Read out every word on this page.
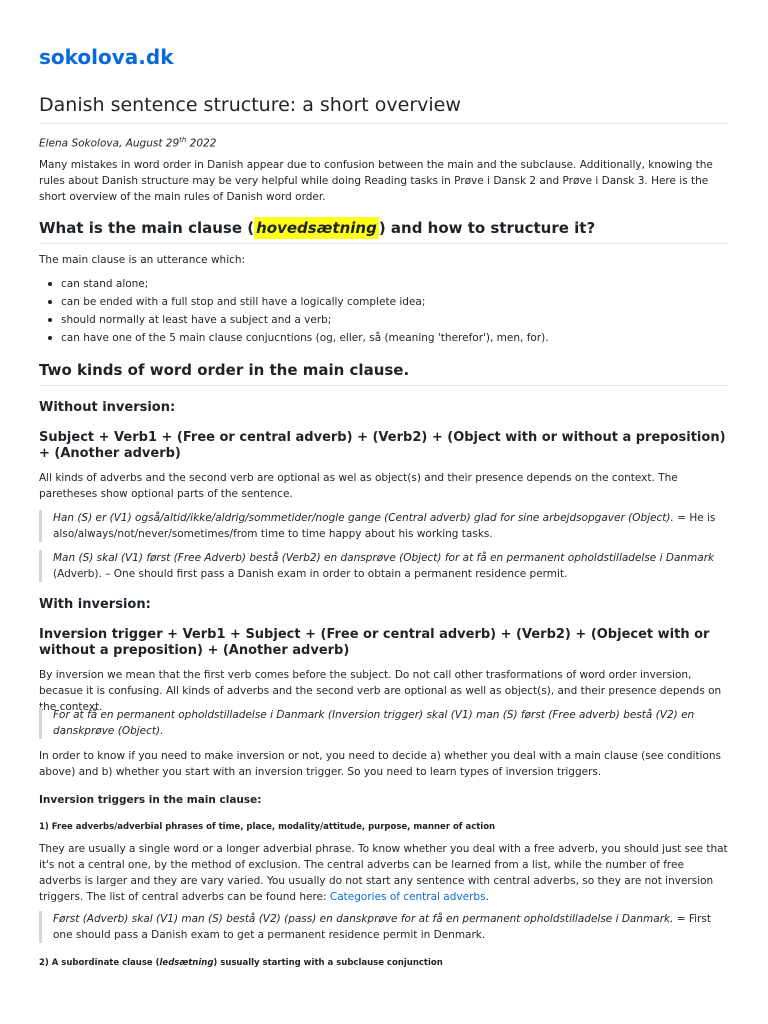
sokolova.dk
Danish sentence structure: a short overview
Elena Sokolova, August 29th 2022

Many mistakes in word order in Danish appear due to confusion between the main and the subclause. Additionally, knowing the rules about Danish structure may be very helpful while doing Reading tasks in Prøve i Dansk 2 and Prøve i Dansk 3. Here is the short overview of the main rules of Danish word order.

What is the main clause ( hovedsætning ) and how to structure it?

The main clause is an utterance which:

can stand alone;
can be ended with a full stop and still have a logically complete idea;
should normally at least have a subject and a verb;
can have one of the 5 main clause conjucntions (og, eller, så (meaning 'therefor'), men, for).
Two kinds of word order in the main clause.
Without inversion:
Subject + Verb1 + (Free or central adverb) + (Verb2) + (Object with or without a preposition) + (Another adverb)

All kinds of adverbs and the second verb are optional as wel as object(s) and their presence depends on the context. The paretheses show optional parts of the sentence.

Han (S) er (V1) også/altid/ikke/aldrig/sommetider/nogle gange (Central adverb) glad for sine arbejdsopgaver (Object). = He is also/always/not/never/sometimes/from time to time happy about his working tasks.
Man (S) skal (V1) først (Free Adverb) bestå (Verb2) en dansprøve (Object) for at få en permanent opholdstilladelse i Danmark (Adverb). – One should first pass a Danish exam in order to obtain a permanent residence permit.
With inversion:
Inversion trigger + Verb1 + Subject + (Free or central adverb) + (Verb2) + (Objecet with or without a preposition) + (Another adverb)

By inversion we mean that the first verb comes before the subject. Do not call other trasformations of word order inversion, becasue it is confusing. All kinds of adverbs and the second verb are optional as well as object(s), and their presence depends on the context.

For at få en permanent opholdstilladelse i Danmark (Inversion trigger) skal (V1) man (S) først (Free adverb) bestå (V2) en danskprøve (Object).

In order to know if you need to make inversion or not, you need to decide a) whether you deal with a main clause (see conditions above) and b) whether you start with an inversion trigger. So you need to learn types of inversion triggers.

Inversion triggers in the main clause:
1) Free adverbs/adverbial phrases of time, place, modality/attitude, purpose, manner of action

They are usually a single word or a longer adverbial phrase. To know whether you deal with a free adverb, you should just see that it's not a central one, by the method of exclusion. The central adverbs can be learned from a list, while the number of free adverbs is larger and they are vary varied. You usually do not start any sentence with central adverbs, so they are not inversion triggers. The list of central adverbs can be found here: Categories of central adverbs.

Først (Adverb) skal (V1) man (S) bestå (V2) (pass) en danskprøve for at få en permanent opholdstilladelse i Danmark. = First one should pass a Danish exam to get a permanent residence permit in Denmark.
2) A subordinate clause (ledsætning) susually starting with a subclause conjunction
